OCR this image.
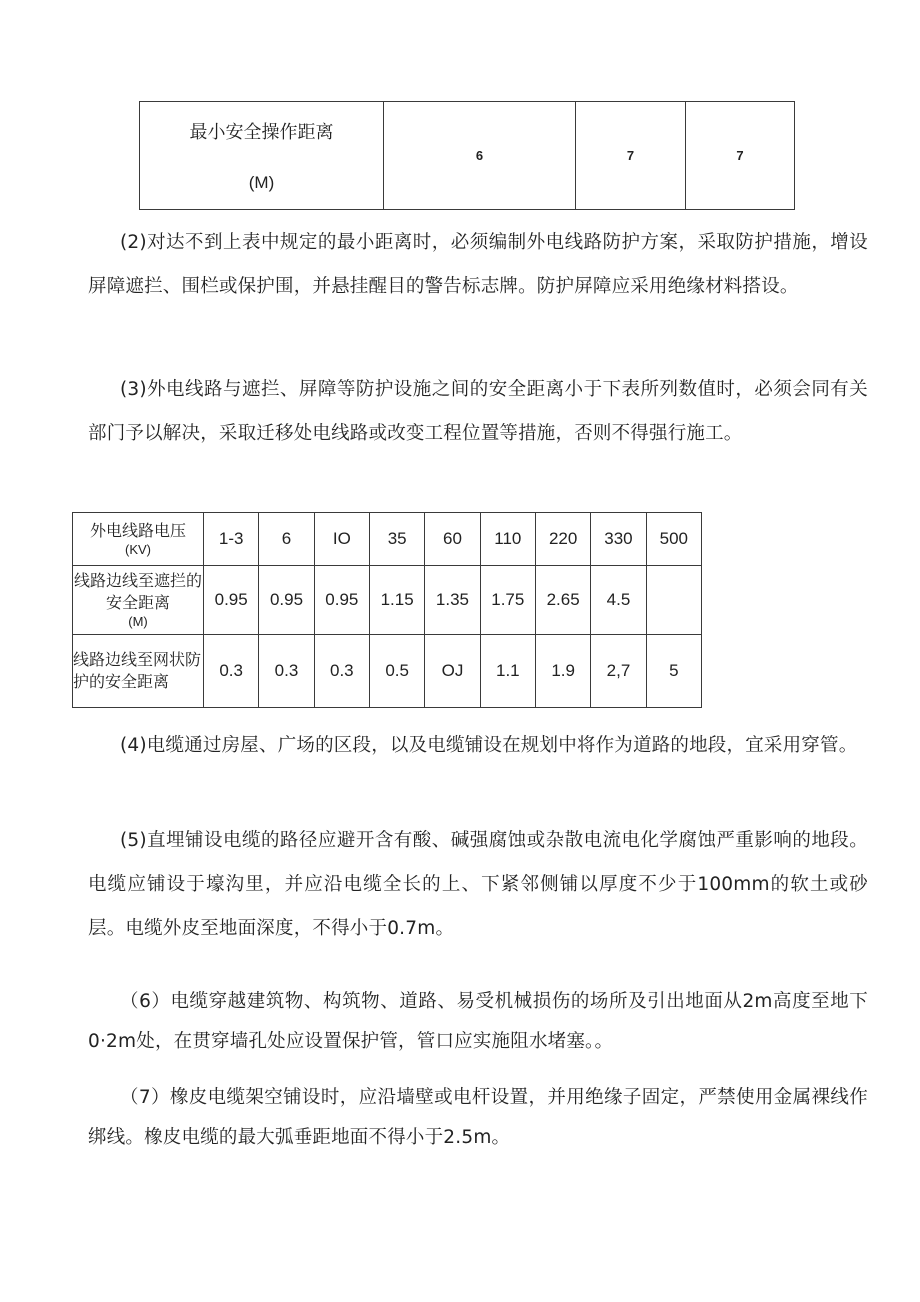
最小安全操作距离
(M)
	6	7	7

(2)对达不到上表中规定的最小距离时，必须编制外电线路防护方案，采取防护措施，增设屏障遮拦、围栏或保护围，并悬挂醒目的警告标志牌。防护屏障应采用绝缘材料搭设。

(3)外电线路与遮拦、屏障等防护设施之间的安全距离小于下表所列数值时，必须会同有关部门予以解决，采取迁移处电线路或改变工程位置等措施，否则不得强行施工。

外电线路电压
(KV)	1-3	6	IO	35	60	110	220	330	500
线路边线至遮拦的安全距离
(M)	0.95	0.95	0.95	1.15	1.35	1.75	2.65	4.5	
线路边线至网状防护的安全距离	0.3	0.3	0.3	0.5	OJ	1.1	1.9	2,7	5

(4)电缆通过房屋、广场的区段，以及电缆铺设在规划中将作为道路的地段，宜采用穿管。

(5)直埋铺设电缆的路径应避开含有酸、碱强腐蚀或杂散电流电化学腐蚀严重影响的地段。电缆应铺设于壕沟里，并应沿电缆全长的上、下紧邻侧铺以厚度不少于100mm的软土或砂层。电缆外皮至地面深度，不得小于0.7m。

（6）电缆穿越建筑物、构筑物、道路、易受机械损伤的场所及引出地面从2m高度至地下0·2m处，在贯穿墙孔处应设置保护管，管口应实施阻水堵塞。。

（7）橡皮电缆架空铺设时，应沿墙壁或电杆设置，并用绝缘子固定，严禁使用金属裸线作绑线。橡皮电缆的最大弧垂距地面不得小于2.5m。
